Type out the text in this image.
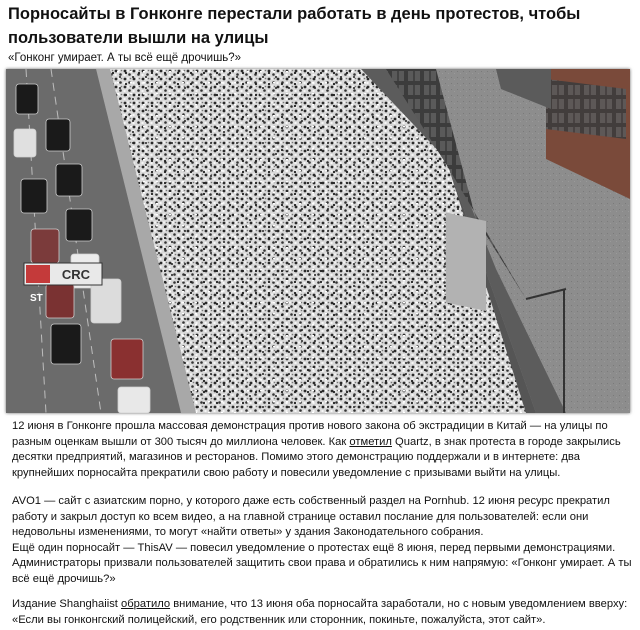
Порносайты в Гонконге перестали работать в день протестов, чтобы пользователи вышли на улицы

«Гонконг умирает. А ты всё ещё дрочишь?»

CRC
ST

12 июня в Гонконге прошла массовая демонстрация против нового закона об экстрадиции в Китай — на улицы по разным оценкам вышли от 300 тысяч до миллиона человек. Как отметил Quartz, в знак протеста в городе закрылись десятки предприятий, магазинов и ресторанов. Помимо этого демонстрацию поддержали и в интернете: два крупнейших порносайта прекратили свою работу и повесили уведомление с призывами выйти на улицы.

AVO1 — сайт с азиатским порно, у которого даже есть собственный раздел на Pornhub. 12 июня ресурс прекратил работу и закрыл доступ ко всем видео, а на главной странице оставил послание для пользователей: если они недовольны изменениями, то могут «найти ответы» у здания Законодательного собрания.

Ещё один порносайт — ThisAV — повесил уведомление о протестах ещё 8 июня, перед первыми демонстрациями. Администраторы призвали пользователей защитить свои права и обратились к ним напрямую: «Гонконг умирает. А ты всё ещё дрочишь?»

Издание Shanghaiist обратило внимание, что 13 июня оба порносайта заработали, но с новым уведомлением вверху: «Если вы гонконгский полицейский, его родственник или сторонник, покиньте, пожалуйста, этот сайт».
